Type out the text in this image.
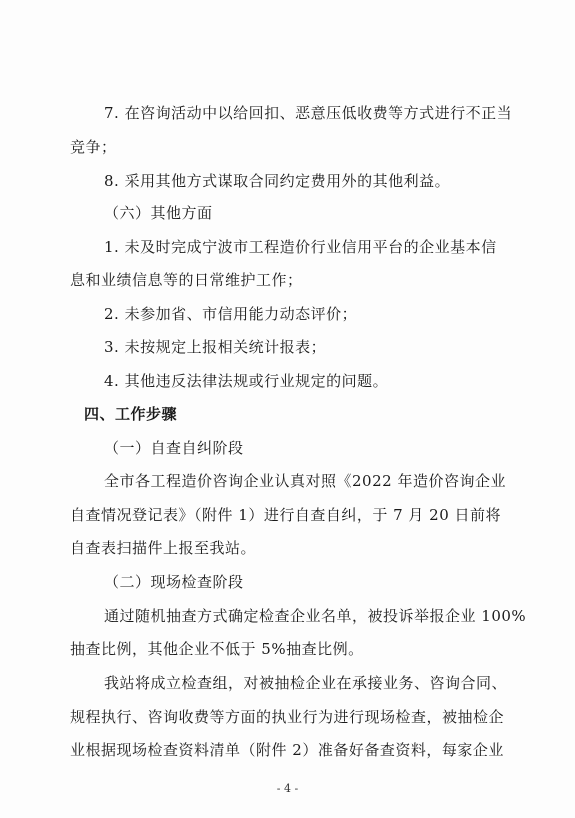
7. 在咨询活动中以给回扣、恶意压低收费等方式进行不正当
竞争；
8. 采用其他方式谋取合同约定费用外的其他利益。
（六）其他方面
1. 未及时完成宁波市工程造价行业信用平台的企业基本信
息和业绩信息等的日常维护工作；
2. 未参加省、市信用能力动态评价；
3. 未按规定上报相关统计报表；
4. 其他违反法律法规或行业规定的问题。
四、工作步骤
（一）自查自纠阶段
全市各工程造价咨询企业认真对照《2022 年造价咨询企业
自查情况登记表》（附件 1）进行自查自纠，于 7 月 20 日前将
自查表扫描件上报至我站。
（二）现场检查阶段
通过随机抽查方式确定检查企业名单，被投诉举报企业 100%
抽查比例，其他企业不低于 5%抽查比例。
我站将成立检查组，对被抽检企业在承接业务、咨询合同、
规程执行、咨询收费等方面的执业行为进行现场检查，被抽检企
业根据现场检查资料清单（附件 2）准备好备查资料，每家企业
- 4 -
